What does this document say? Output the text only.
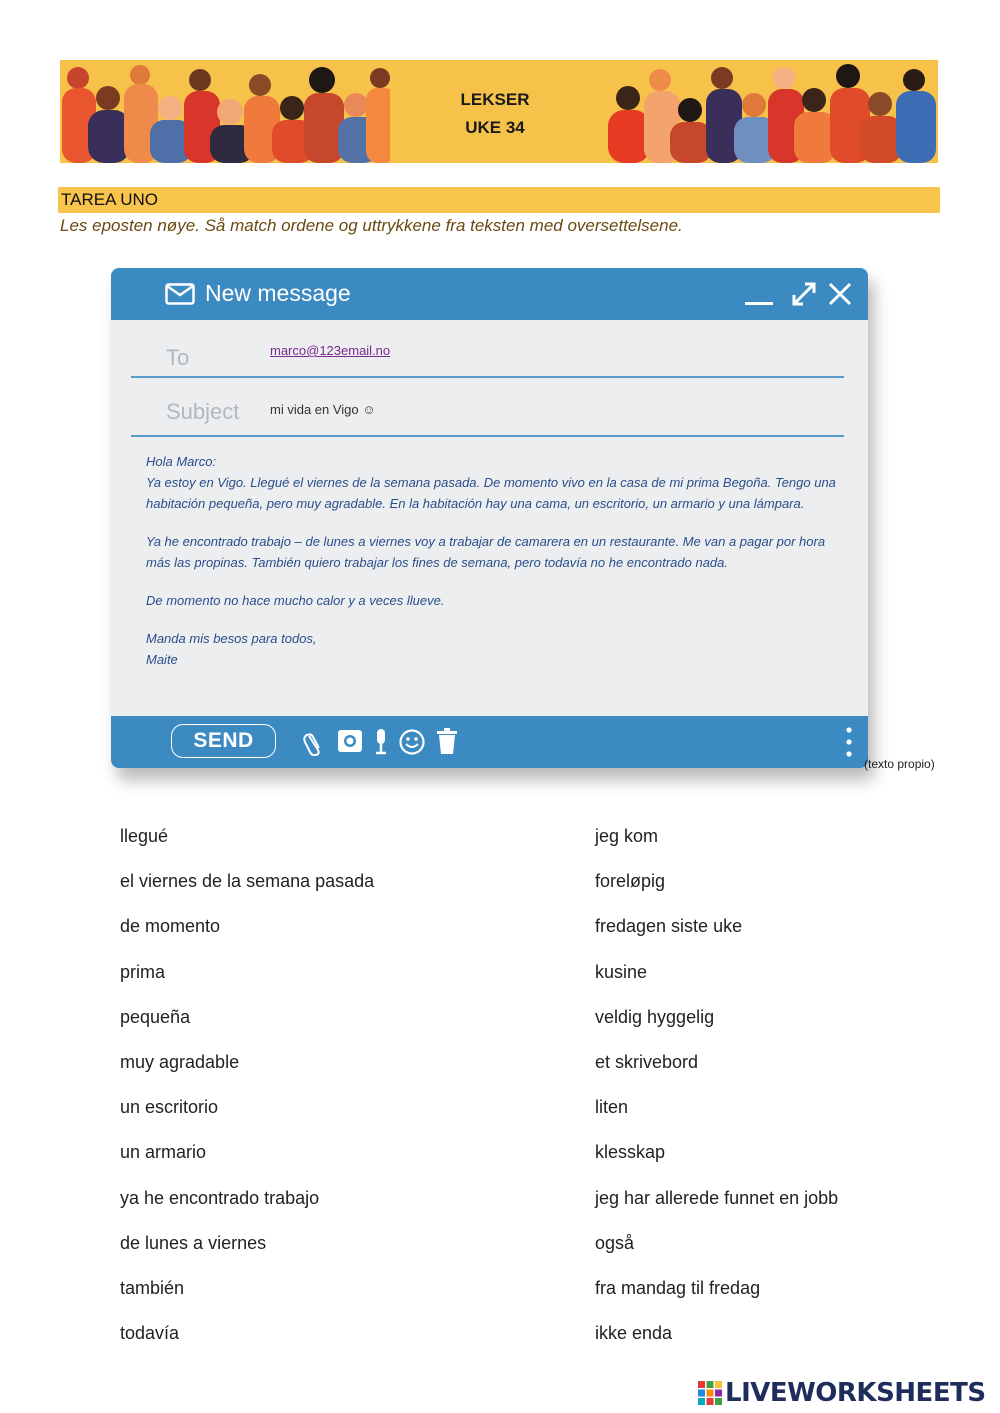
LEKSER
UKE 34
TAREA UNO
Les eposten nøye. Så match ordene og uttrykkene fra teksten med oversettelsene.
New message
To	marco@123email.no
Subject mi vida en Vigo ☺

Hola Marco:

Ya estoy en Vigo. Llegué el viernes de la semana pasada. De momento vivo en la casa de mi prima Begoña. Tengo una habitación pequeña, pero muy agradable. En la habitación hay una cama, un escritorio, un armario y una lámpara.

Ya he encontrado trabajo – de lunes a viernes voy a trabajar de camarera en un restaurante. Me van a pagar por hora más las propinas. También quiero trabajar los fines de semana, pero todavía no he encontrado nada.

De momento no hace mucho calor y a veces llueve.

Manda mis besos para todos,
Maite

SEND
(texto propio)
llegué
el viernes de la semana pasada
de momento
prima
pequeña
muy agradable
un escritorio
un armario
ya he encontrado trabajo
de lunes a viernes
también
todavía
jeg kom
foreløpig
fredagen siste uke
kusine
veldig hyggelig
et skrivebord
liten
klesskap
jeg har allerede funnet en jobb
også
fra mandag til fredag
ikke enda
LIVEWORKSHEETS
